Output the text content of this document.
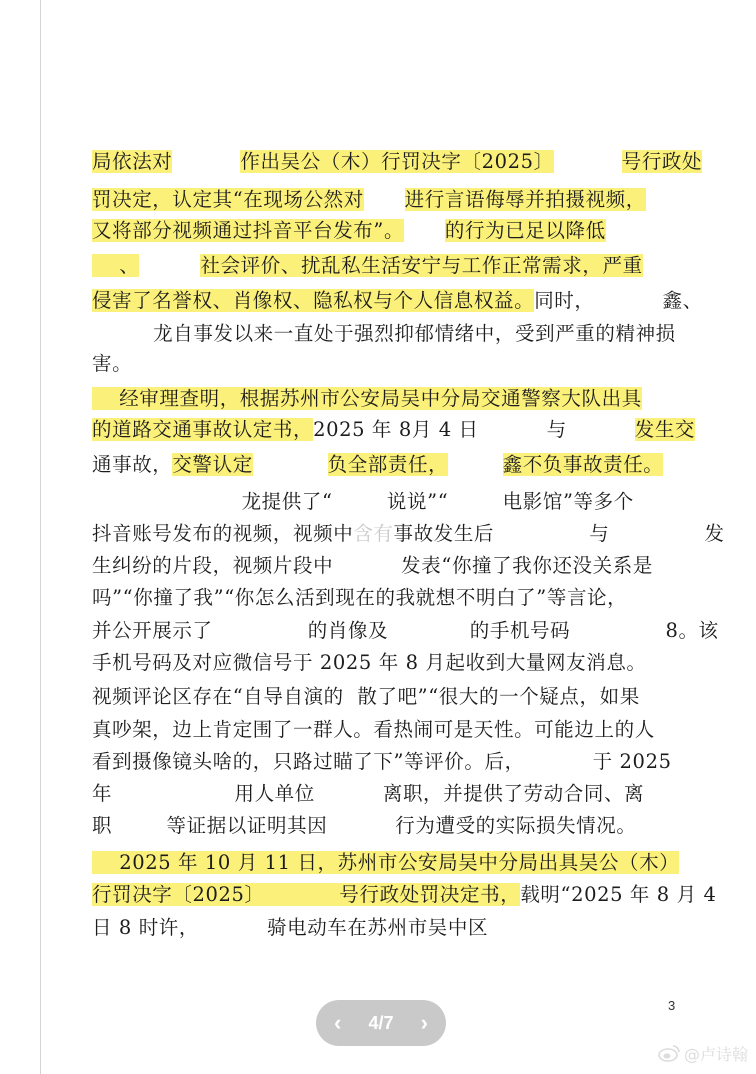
局依法对	作出吴公（木）行罚决字〔2025〕	号行政处
罚决定，认定其“在现场公然对 进行言语侮辱并拍摄视频，
又将部分视频通过抖音平台发布”。 的行为已足以降低
、	社会评价、扰乱私生活安宁与工作正常需求，严重
侵害了名誉权、肖像权、隐私权与个人信息权益。同时，          鑫、
龙自事发以来一直处于强烈抑郁情绪中，受到严重的精神损
害。
经审理查明，根据苏州市公安局吴中分局交通警察大队出具
的道路交通事故认定书，2025 年 8月 4 日          与          发生交
通事故，交警认定	负全部责任，	鑫不负事故责任。
龙提供了“        说说”“        电影馆”等多个
抖音账号发布的视频，视频中含有事故发生后              与              发
生纠纷的片段，视频片段中          发表“你撞了我你还没关系是
吗”“你撞了我”“你怎么活到现在的我就想不明白了”等言论，
并公开展示了              的肖像及            的手机号码              8。该
手机号码及对应微信号于 2025 年 8 月起收到大量网友消息。
视频评论区存在“自导自演的  散了吧”“很大的一个疑点，如果
真吵架，边上肯定围了一群人。看热闹可是天性。可能边上的人
看到摄像镜头啥的，只路过瞄了下”等评价。后，          于 2025
年                  用人单位          离职，并提供了劳动合同、离
职        等证据以证明其因          行为遭受的实际损失情况。
2025 年 10 月 11 日，苏州市公安局吴中分局出具吴公（木）
行罚决字〔2025〕           号行政处罚决定书，载明“2025 年 8 月 4
日 8 时许，          骑电动车在苏州市吴中区
3
‹ 4/7 ›
@卢诗翰
